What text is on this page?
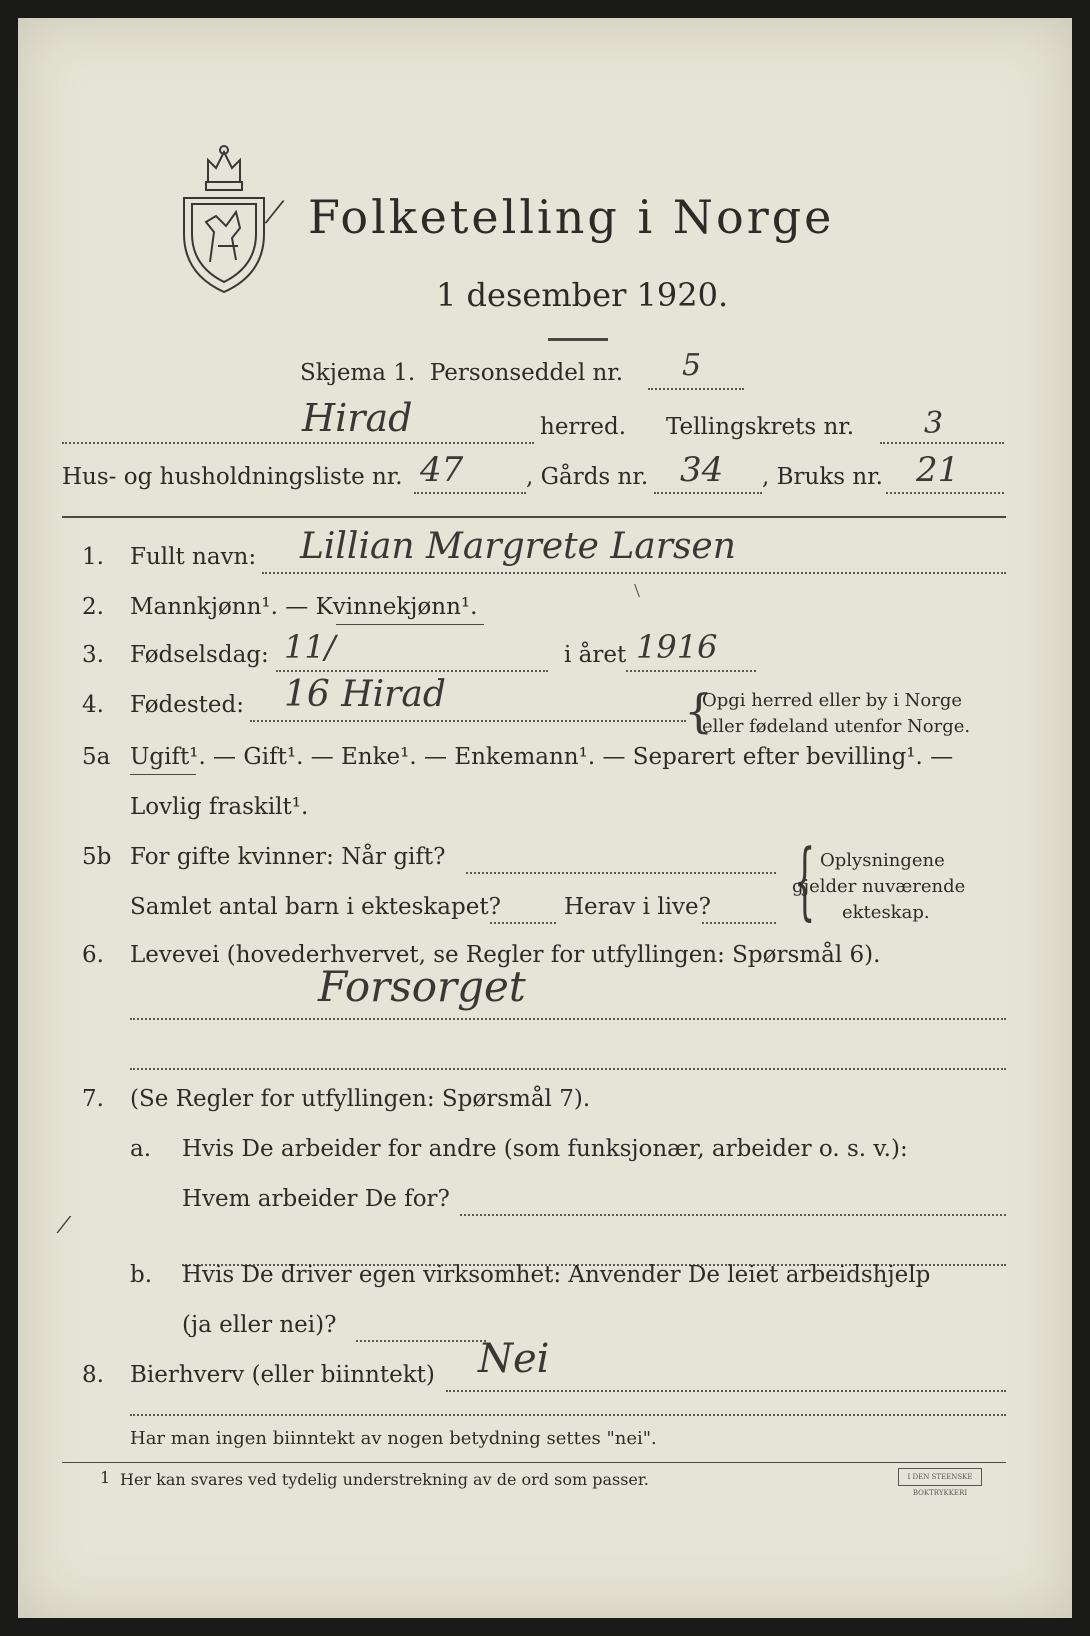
⁄ Folketelling i Norge
1 desember 1920.
Skjema 1. Personseddel nr. 5
Hirad	herred. Tellingskrets nr. 3
Hus- og husholdningsliste nr. 47	, Gårds nr. 34 , Bruks nr. 21
1. Fullt navn: Lillian Margrete Larsen
2. Mannkjønn¹. — Kvinnekjønn¹.
3. Fødselsdag: 11/	i året 1916
4. Fødested: 16 Hirad	{
Opgi herred eller by i Norge
eller fødeland utenfor Norge.
5a Ugift¹. — Gift¹. — Enke¹. — Enkemann¹. — Separert efter bevilling¹. —
Lovlig fraskilt¹.
5b For gifte kvinner: Når gift?
Samlet antal barn i ekteskapet?	Herav i live? { Oplysningene
gjelder nuværende
ekteskap.
6. Levevei (hovederhvervet, se Regler for utfyllingen: Spørsmål 6).
Forsorget
7. (Se Regler for utfyllingen: Spørsmål 7).
a. Hvis De arbeider for andre (som funksjonær, arbeider o. s. v.):
Hvem arbeider De for?
⁄
b. Hvis De driver egen virksomhet: Anvender De leiet arbeidshjelp
(ja eller nei)?
8. Bierhverv (eller biinntekt) Nei
Har man ingen biinntekt av nogen betydning settes "nei".
1 Her kan svares ved tydelig understrekning av de ord som passer.	I DEN STEENSKE BOKTRYKKERI
